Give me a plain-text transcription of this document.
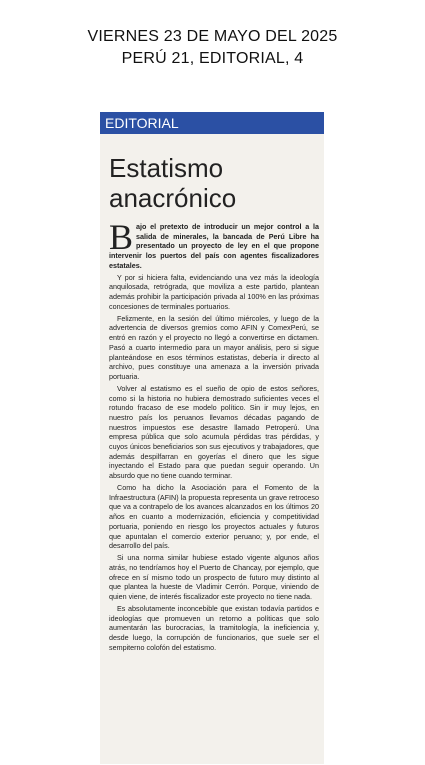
VIERNES 23 DE MAYO DEL 2025
PERÚ 21, EDITORIAL, 4
EDITORIAL
Estatismo
anacrónico

Bajo el pretexto de introducir un mejor control a la salida de minerales, la bancada de Perú Libre ha presentado un proyecto de ley en el que propone intervenir los puertos del país con agentes fiscalizadores estatales.

Y por si hiciera falta, evidenciando una vez más la ideología anquilosada, retrógrada, que moviliza a este partido, plantean además prohibir la participación privada al 100% en las próximas concesiones de terminales portuarios.

Felizmente, en la sesión del último miércoles, y luego de la advertencia de diversos gremios como AFIN y ComexPerú, se entró en razón y el proyecto no llegó a convertirse en dictamen. Pasó a cuarto intermedio para un mayor análisis, pero si sigue planteándose en esos términos estatistas, debería ir directo al archivo, pues constituye una amenaza a la inversión privada portuaria.

Volver al estatismo es el sueño de opio de estos señores, como si la historia no hubiera demostrado suficientes veces el rotundo fracaso de ese modelo político. Sin ir muy lejos, en nuestro país los peruanos llevamos décadas pagando de nuestros impuestos ese desastre llamado Petroperú. Una empresa pública que solo acumula pérdidas tras pérdidas, y cuyos únicos beneficiarios son sus ejecutivos y trabajadores, que además despilfarran en goyerías el dinero que les sigue inyectando el Estado para que puedan seguir operando. Un absurdo que no tiene cuando terminar.

Como ha dicho la Asociación para el Fomento de la Infraestructura (AFIN) la propuesta representa un grave retroceso que va a contrapelo de los avances alcanzados en los últimos 20 años en cuanto a modernización, eficiencia y competitividad portuaria, poniendo en riesgo los proyectos actuales y futuros que apuntalan el comercio exterior peruano; y, por ende, el desarrollo del país.

Si una norma similar hubiese estado vigente algunos años atrás, no tendríamos hoy el Puerto de Chancay, por ejemplo, que ofrece en sí mismo todo un prospecto de futuro muy distinto al que plantea la hueste de Vladimir Cerrón. Porque, viniendo de quien viene, de interés fiscalizador este proyecto no tiene nada.

Es absolutamente inconcebible que existan todavía partidos e ideologías que promueven un retorno a políticas que solo aumentarán las burocracias, la tramitología, la ineficiencia y, desde luego, la corrupción de funcionarios, que suele ser el sempiterno colofón del estatismo.
